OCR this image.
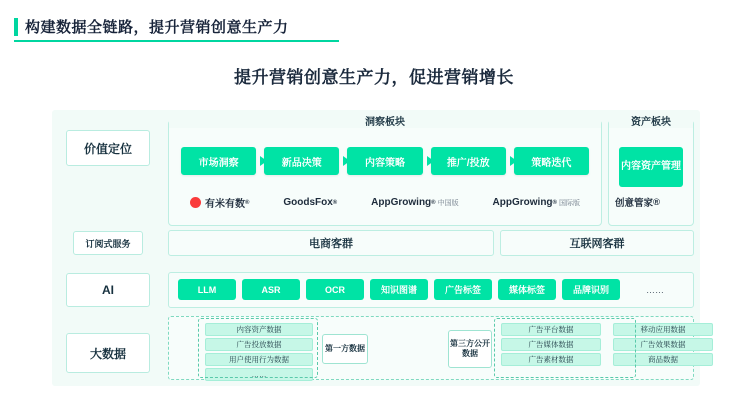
构建数据全链路，提升营销创意生产力
提升营销创意生产力，促进营销增长
价值定位
订阅式服务
AI
大数据
洞察板块
市场洞察	新品决策	内容策略	推广/投放	策略迭代
有米有数 ®	GoodsFox ®	AppGrowing ® 中国版	AppGrowing ® 国际版
资产板块
内容资产管理
创意管家 ®
电商客群	互联网客群
LLM	ASR	OCR	知识图谱	广告标签	媒体标签	品牌识别	……
内容资产数据
广告投放数据
用户使用行为数据
……
广告平台数据
广告媒体数据
广告素材数据
移动应用数据
广告效果数据
商品数据
第一方数据
第三方公开数据
